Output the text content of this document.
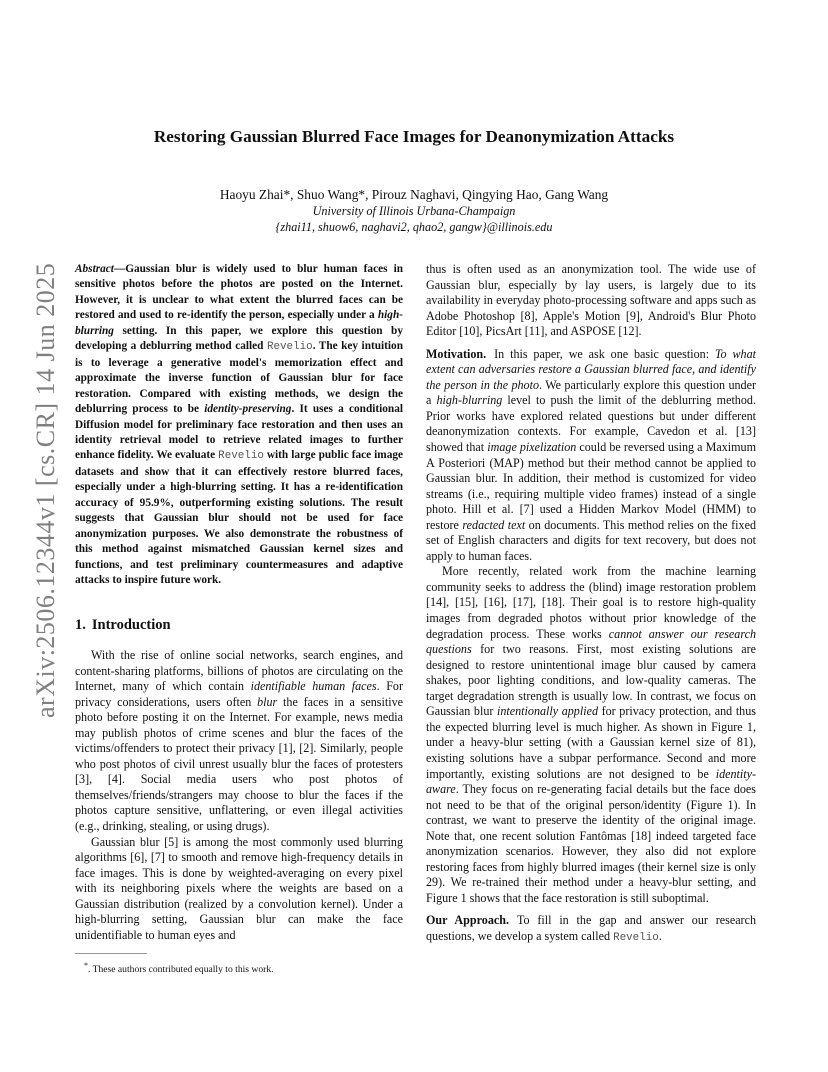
arXiv:2506.12344v1 [cs.CR] 14 Jun 2025
Restoring Gaussian Blurred Face Images for Deanonymization Attacks
Haoyu Zhai*, Shuo Wang*, Pirouz Naghavi, Qingying Hao, Gang Wang
University of Illinois Urbana-Champaign
{zhai11, shuow6, naghavi2, qhao2, gangw}@illinois.edu
Abstract—Gaussian blur is widely used to blur human faces in sensitive photos before the photos are posted on the Internet. However, it is unclear to what extent the blurred faces can be restored and used to re-identify the person, especially under a high-blurring setting. In this paper, we explore this question by developing a deblurring method called Revelio. The key intuition is to leverage a generative model's memorization effect and approximate the inverse function of Gaussian blur for face restoration. Compared with existing methods, we design the deblurring process to be identity-preserving. It uses a conditional Diffusion model for preliminary face restoration and then uses an identity retrieval model to retrieve related images to further enhance fidelity. We evaluate Revelio with large public face image datasets and show that it can effectively restore blurred faces, especially under a high-blurring setting. It has a re-identification accuracy of 95.9%, outperforming existing solutions. The result suggests that Gaussian blur should not be used for face anonymization purposes. We also demonstrate the robustness of this method against mismatched Gaussian kernel sizes and functions, and test preliminary countermeasures and adaptive attacks to inspire future work.
1. Introduction

With the rise of online social networks, search engines, and content-sharing platforms, billions of photos are circulating on the Internet, many of which contain identifiable human faces. For privacy considerations, users often blur the faces in a sensitive photo before posting it on the Internet. For example, news media may publish photos of crime scenes and blur the faces of the victims/offenders to protect their privacy [1], [2]. Similarly, people who post photos of civil unrest usually blur the faces of protesters [3], [4]. Social media users who post photos of themselves/friends/strangers may choose to blur the faces if the photos capture sensitive, unflattering, or even illegal activities (e.g., drinking, stealing, or using drugs).

Gaussian blur [5] is among the most commonly used blurring algorithms [6], [7] to smooth and remove high-frequency details in face images. This is done by weighted-averaging on every pixel with its neighboring pixels where the weights are based on a Gaussian distribution (realized by a convolution kernel). Under a high-blurring setting, Gaussian blur can make the face unidentifiable to human eyes and

thus is often used as an anonymization tool. The wide use of Gaussian blur, especially by lay users, is largely due to its availability in everyday photo-processing software and apps such as Adobe Photoshop [8], Apple's Motion [9], Android's Blur Photo Editor [10], PicsArt [11], and ASPOSE [12].

Motivation. In this paper, we ask one basic question: To what extent can adversaries restore a Gaussian blurred face, and identify the person in the photo. We particularly explore this question under a high-blurring level to push the limit of the deblurring method. Prior works have explored related questions but under different deanonymization contexts. For example, Cavedon et al. [13] showed that image pixelization could be reversed using a Maximum A Posteriori (MAP) method but their method cannot be applied to Gaussian blur. In addition, their method is customized for video streams (i.e., requiring multiple video frames) instead of a single photo. Hill et al. [7] used a Hidden Markov Model (HMM) to restore redacted text on documents. This method relies on the fixed set of English characters and digits for text recovery, but does not apply to human faces.

More recently, related work from the machine learning community seeks to address the (blind) image restoration problem [14], [15], [16], [17], [18]. Their goal is to restore high-quality images from degraded photos without prior knowledge of the degradation process. These works cannot answer our research questions for two reasons. First, most existing solutions are designed to restore unintentional image blur caused by camera shakes, poor lighting conditions, and low-quality cameras. The target degradation strength is usually low. In contrast, we focus on Gaussian blur intentionally applied for privacy protection, and thus the expected blurring level is much higher. As shown in Figure 1, under a heavy-blur setting (with a Gaussian kernel size of 81), existing solutions have a subpar performance. Second and more importantly, existing solutions are not designed to be identity-aware. They focus on re-generating facial details but the face does not need to be that of the original person/identity (Figure 1). In contrast, we want to preserve the identity of the original image. Note that, one recent solution Fantômas [18] indeed targeted face anonymization scenarios. However, they also did not explore restoring faces from highly blurred images (their kernel size is only 29). We re-trained their method under a heavy-blur setting, and Figure 1 shows that the face restoration is still suboptimal.

Our Approach. To fill in the gap and answer our research questions, we develop a system called Revelio.

*. These authors contributed equally to this work.
